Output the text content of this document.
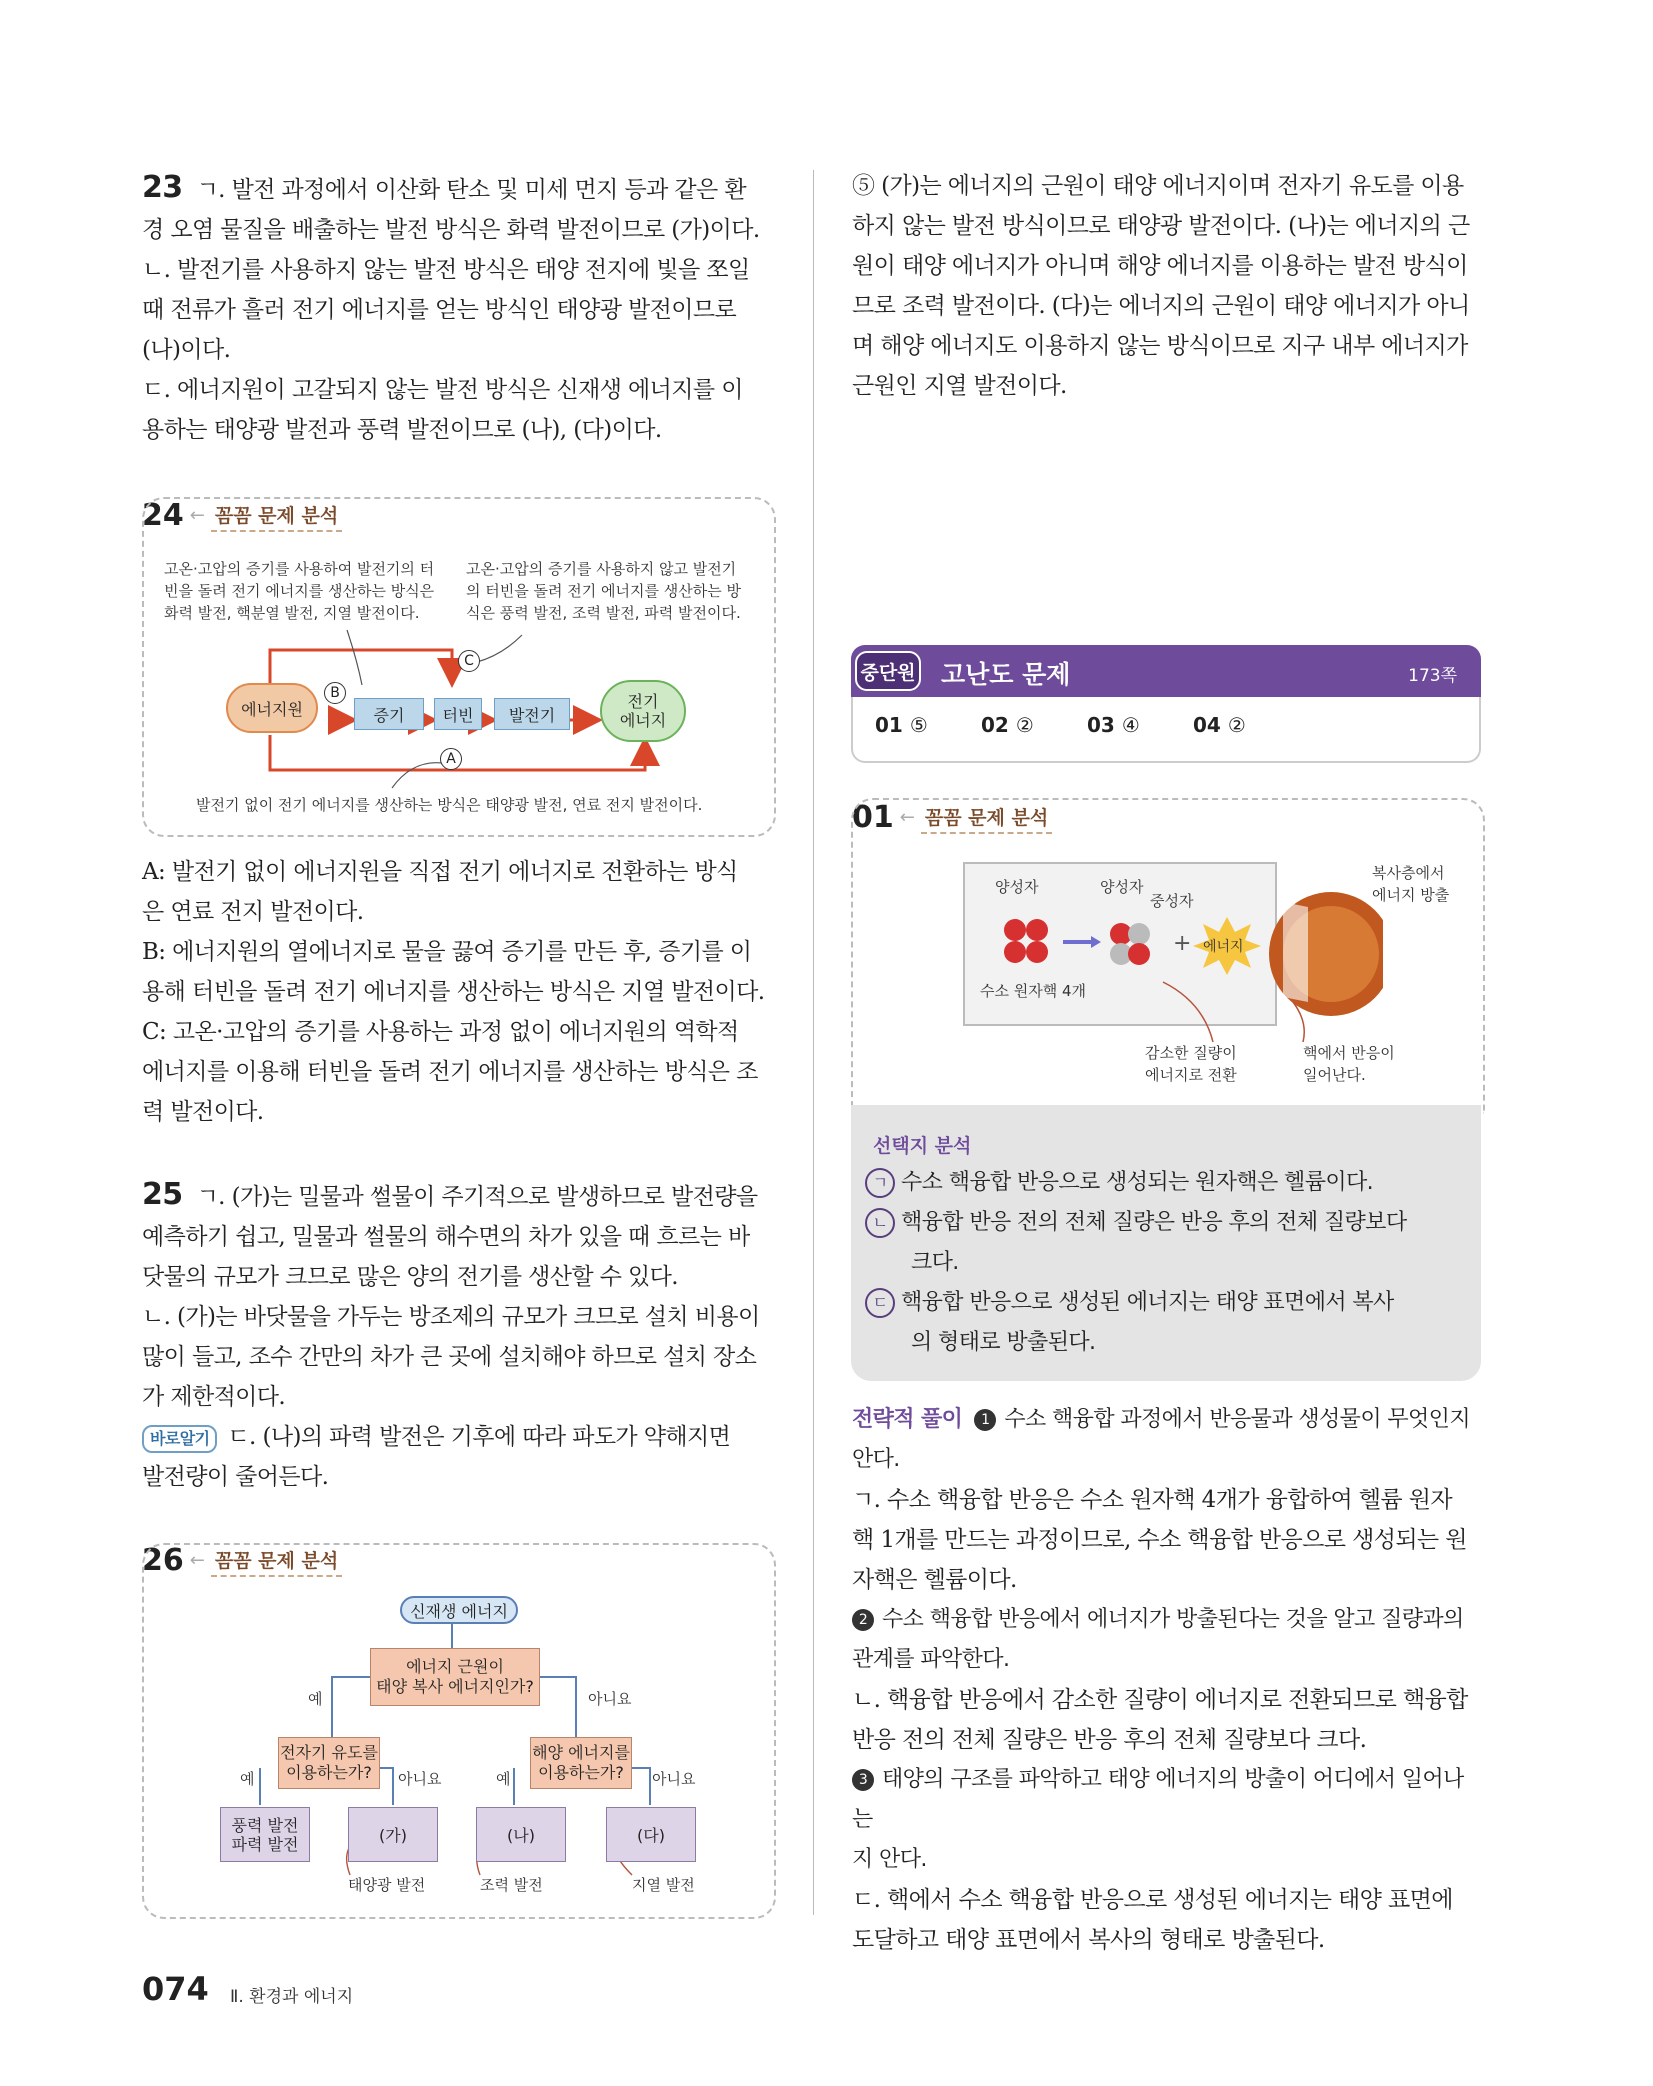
23 ㄱ. 발전 과정에서 이산화 탄소 및 미세 먼지 등과 같은 환

경 오염 물질을 배출하는 발전 방식은 화력 발전이므로 (가)이다.

ㄴ. 발전기를 사용하지 않는 발전 방식은 태양 전지에 빛을 쪼일

때 전류가 흘러 전기 에너지를 얻는 방식인 태양광 발전이므로

(나)이다.

ㄷ. 에너지원이 고갈되지 않는 발전 방식은 신재생 에너지를 이

용하는 태양광 발전과 풍력 발전이므로 (나), (다)이다.

24 ← 꼼꼼 문제 분석
고온·고압의 증기를 사용하여 발전기의 터
빈을 돌려 전기 에너지를 생산하는 방식은
화력 발전, 핵분열 발전, 지열 발전이다.
고온·고압의 증기를 사용하지 않고 발전기
의 터빈을 돌려 전기 에너지를 생산하는 방
식은 풍력 발전, 조력 발전, 파력 발전이다.
에너지원
B
증기	터빈
C
발전기
전기
에너지
A
발전기 없이 전기 에너지를 생산하는 방식은 태양광 발전, 연료 전지 발전이다.

A: 발전기 없이 에너지원을 직접 전기 에너지로 전환하는 방식

은 연료 전지 발전이다.

B: 에너지원의 열에너지로 물을 끓여 증기를 만든 후, 증기를 이

용해 터빈을 돌려 전기 에너지를 생산하는 방식은 지열 발전이다.

C: 고온·고압의 증기를 사용하는 과정 없이 에너지원의 역학적

에너지를 이용해 터빈을 돌려 전기 에너지를 생산하는 방식은 조

력 발전이다.

25 ㄱ. (가)는 밀물과 썰물이 주기적으로 발생하므로 발전량을

예측하기 쉽고, 밀물과 썰물의 해수면의 차가 있을 때 흐르는 바

닷물의 규모가 크므로 많은 양의 전기를 생산할 수 있다.

ㄴ. (가)는 바닷물을 가두는 방조제의 규모가 크므로 설치 비용이

많이 들고, 조수 간만의 차가 큰 곳에 설치해야 하므로 설치 장소

가 제한적이다.

바로알기 ㄷ. (나)의 파력 발전은 기후에 따라 파도가 약해지면

발전량이 줄어든다.

26 ← 꼼꼼 문제 분석
신재생 에너지
에너지 근원이
태양 복사 에너지인가?
예	아니요
전자기 유도를
이용하는가?
해양 에너지를
이용하는가?
예	아니요	예	아니요
풍력 발전
파력 발전	(가)	(나)	(다)
태양광 발전	조력 발전	지열 발전

⑤ (가)는 에너지의 근원이 태양 에너지이며 전자기 유도를 이용

하지 않는 발전 방식이므로 태양광 발전이다. (나)는 에너지의 근

원이 태양 에너지가 아니며 해양 에너지를 이용하는 발전 방식이

므로 조력 발전이다. (다)는 에너지의 근원이 태양 에너지가 아니

며 해양 에너지도 이용하지 않는 방식이므로 지구 내부 에너지가

근원인 지열 발전이다.

중단원 고난도 문제	173쪽
01 ⑤	02 ②	03 ④	04 ②
01 ← 꼼꼼 문제 분석
+
양성자	양성자
중성자
에너지
수소 원자핵 4개
복사층에서
에너지 방출
감소한 질량이
에너지로 전환
핵에서 반응이
일어난다.
선택지 분석
ㄱ 수소 핵융합 반응으로 생성되는 원자핵은 헬륨이다.
ㄴ 핵융합 반응 전의 전체 질량은 반응 후의 전체 질량보다
크다.
ㄷ 핵융합 반응으로 생성된 에너지는 태양 표면에서 복사
의 형태로 방출된다.

전략적 풀이 1 수소 핵융합 과정에서 반응물과 생성물이 무엇인지

안다.

ㄱ. 수소 핵융합 반응은 수소 원자핵 4개가 융합하여 헬륨 원자

핵 1개를 만드는 과정이므로, 수소 핵융합 반응으로 생성되는 원

자핵은 헬륨이다.

2 수소 핵융합 반응에서 에너지가 방출된다는 것을 알고 질량과의

관계를 파악한다.

ㄴ. 핵융합 반응에서 감소한 질량이 에너지로 전환되므로 핵융합

반응 전의 전체 질량은 반응 후의 전체 질량보다 크다.

3 태양의 구조를 파악하고 태양 에너지의 방출이 어디에서 일어나는

지 안다.

ㄷ. 핵에서 수소 핵융합 반응으로 생성된 에너지는 태양 표면에

도달하고 태양 표면에서 복사의 형태로 방출된다.

074 Ⅱ. 환경과 에너지
